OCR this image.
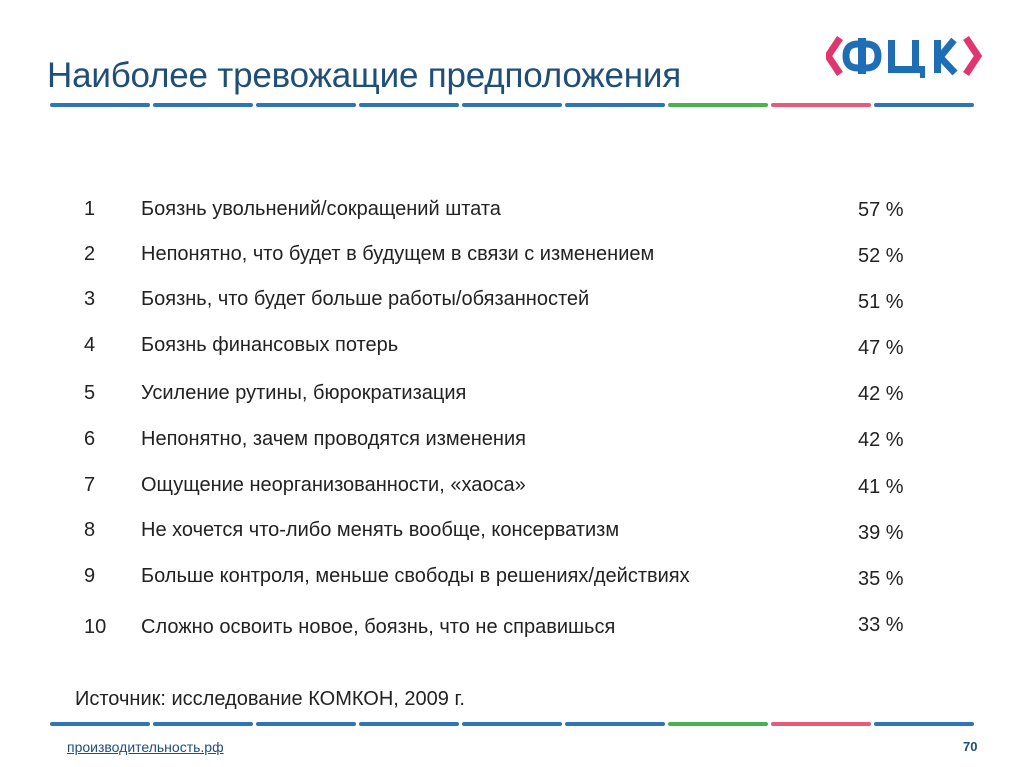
Наиболее тревожащие предположения
1 Боязнь увольнений/сокращений штата	57 %
2 Непонятно, что будет в будущем в связи с изменением	52 %
3 Боязнь, что будет больше работы/обязанностей	51 %
4 Боязнь финансовых потерь	47 %
5 Усиление рутины, бюрократизация	42 %
6 Непонятно, зачем проводятся изменения	42 %
7 Ощущение неорганизованности, «хаоса»	41 %
8 Не хочется что-либо менять вообще, консерватизм	39 %
9 Больше контроля, меньше свободы в решениях/действиях	35 %
10 Сложно освоить новое, боязнь, что не справишься	33 %
Источник: исследование КОМКОН, 2009 г.
производительность.рф	70
